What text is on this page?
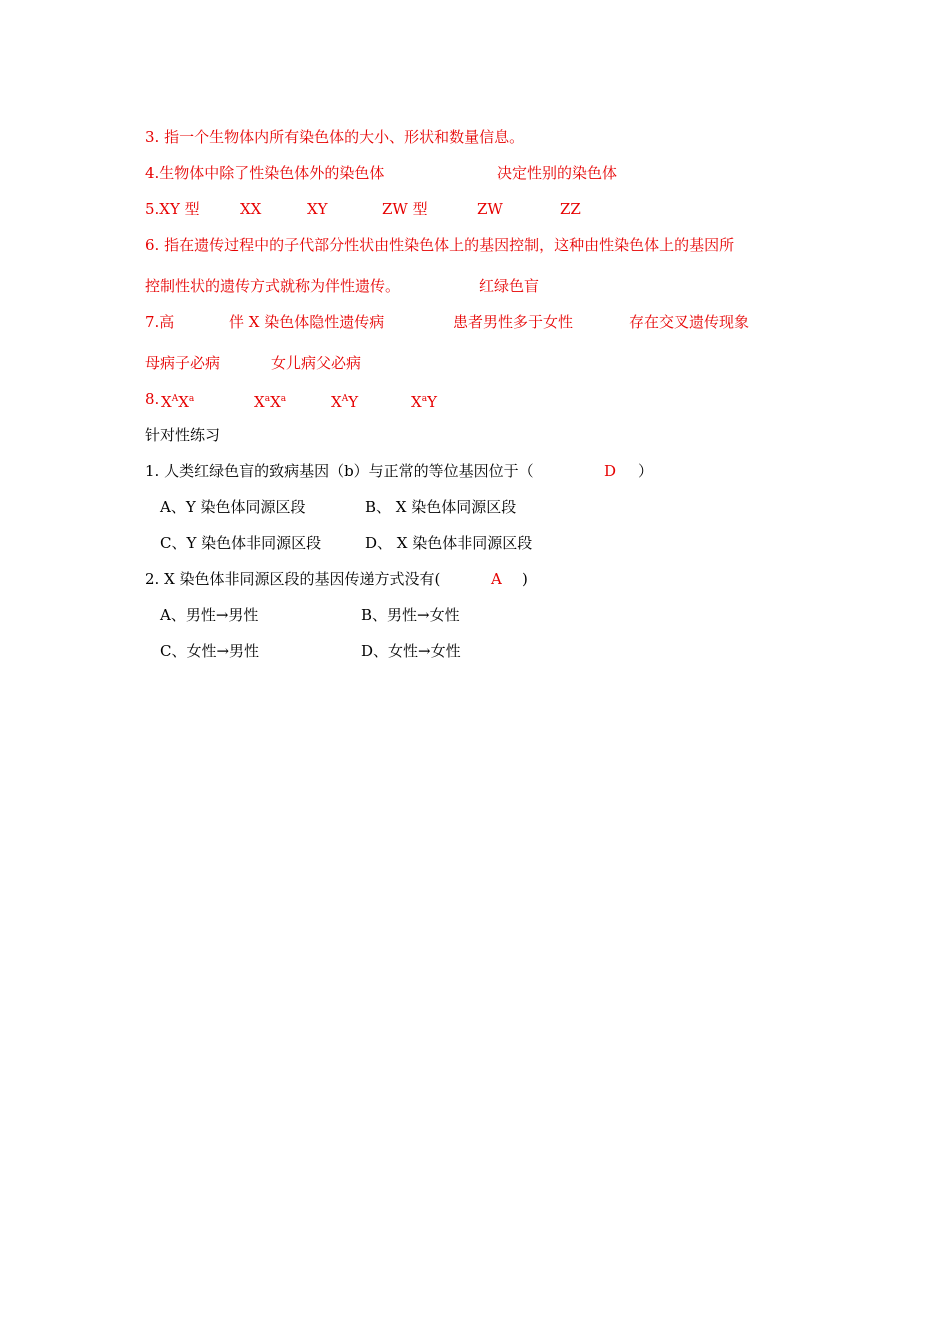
3. 指一个生物体内所有染色体的大小、形状和数量信息。
4.生物体中除了性染色体外的染色体	决定性别的染色体
5.XY 型	XX	XY	ZW 型	ZW	ZZ
6. 指在遗传过程中的子代部分性状由性染色体上的基因控制，这种由性染色体上的基因所
控制性状的遗传方式就称为伴性遗传。	红绿色盲
7.高	伴 X 染色体隐性遗传病	患者男性多于女性	存在交叉遗传现象
母病子必病	女儿病父必病
8. $X^AX^a$	$X^aX^a$	$X^AY$	$X^aY$
针对性练习
1. 人类红绿色盲的致病基因（b）与正常的等位基因位于（	D ）
A、Y 染色体同源区段	B、 X 染色体同源区段
C、Y 染色体非同源区段	D、 X 染色体非同源区段
2. X 染色体非同源区段的基因传递方式没有(	A )
A、男性→男性	B、男性→女性
C、女性→男性	D、女性→女性
